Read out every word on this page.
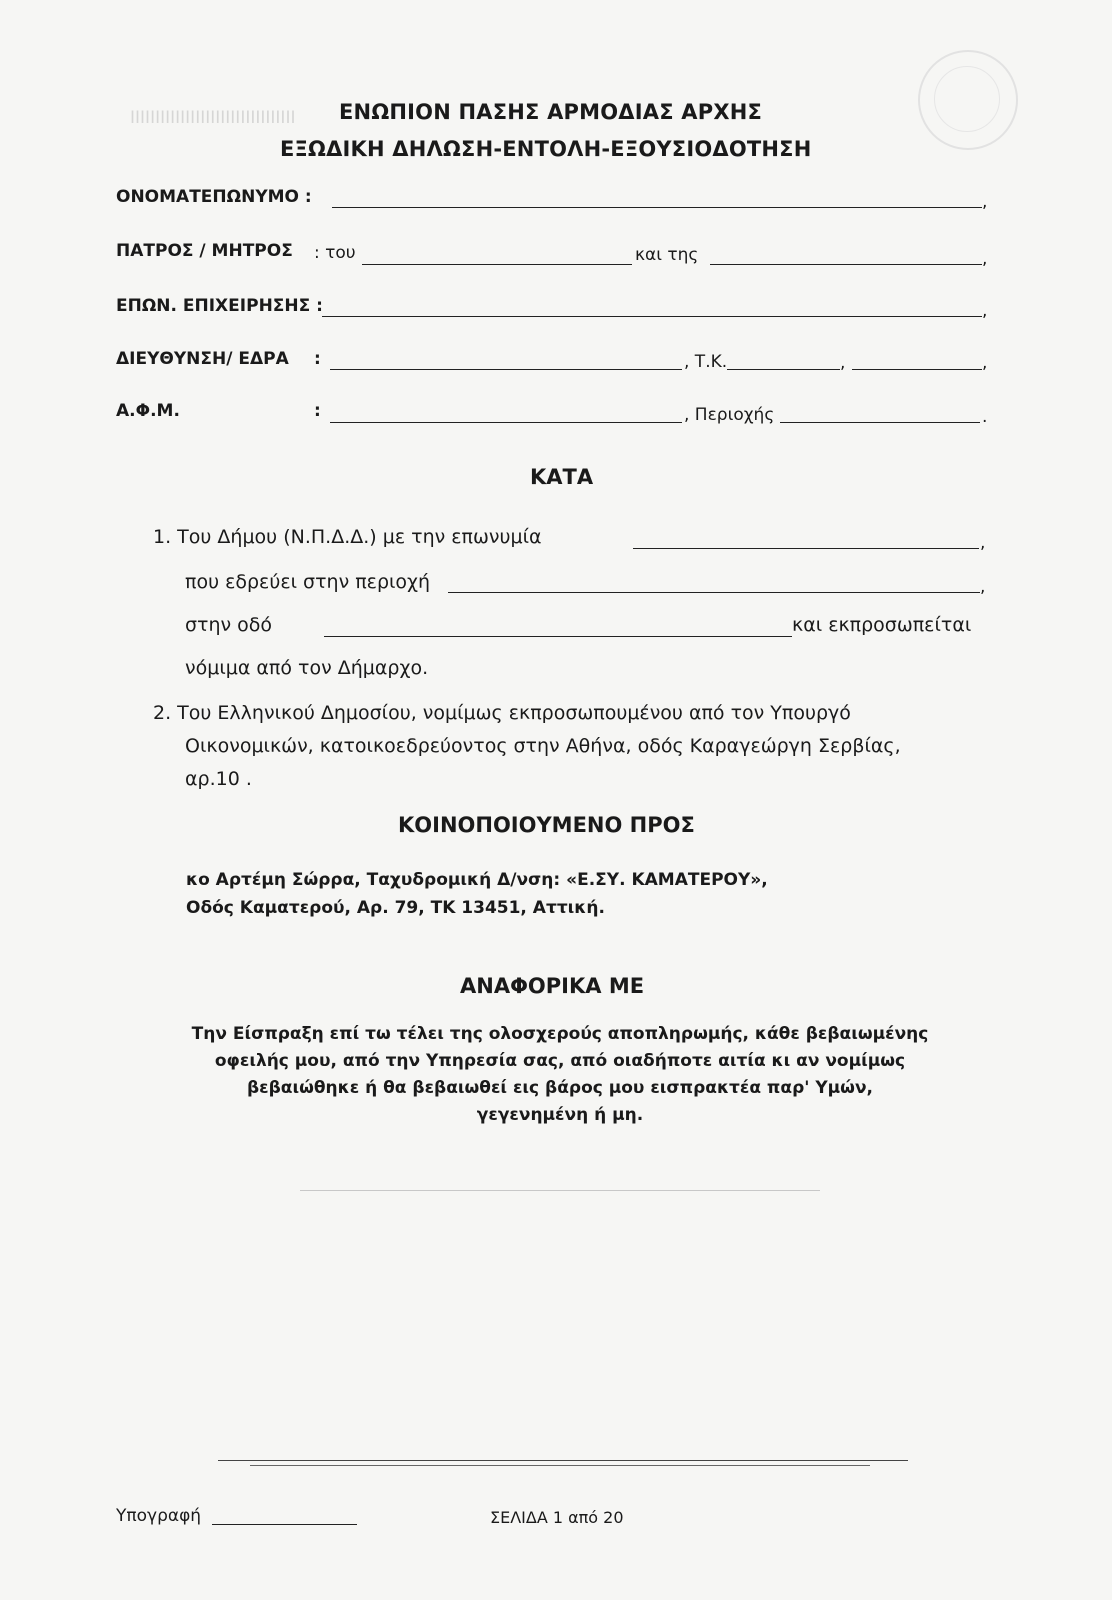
ΙΙΙΙΙΙΙΙΙΙΙΙΙΙΙΙΙΙΙΙΙΙΙΙΙΙΙΙΙΙΙΙΙ ΕΝΩΠΙΟΝ ΠΑΣΗΣ ΑΡΜΟΔΙΑΣ ΑΡΧΗΣ
ΕΞΩΔΙΚΗ ΔΗΛΩΣΗ-ΕΝΤΟΛΗ-ΕΞΟΥΣΙΟΔΟΤΗΣΗ
ΟΝΟΜΑΤΕΠΩΝΥΜΟ :	,
ΠΑΤΡΟΣ / ΜΗΤΡΟΣ : του	και της	,
ΕΠΩΝ. ΕΠΙΧΕΙΡΗΣΗΣ :	,
ΔΙΕΥΘΥΝΣΗ/ ΕΔΡΑ :	, Τ.Κ.	,	,
Α.Φ.Μ.	:	, Περιοχής	.
ΚΑΤΑ
1. Του Δήμου (Ν.Π.Δ.Δ.) με την επωνυμία	,
που εδρεύει στην περιοχή	,
στην οδό	και εκπροσωπείται
νόμιμα από τον Δήμαρχο.
2. Του Ελληνικού Δημοσίου, νομίμως εκπροσωπουμένου από τον Υπουργό
Οικονομικών, κατοικοεδρεύοντος στην Αθήνα, οδός Καραγεώργη Σερβίας,
αρ.10 .
ΚΟΙΝΟΠΟΙΟΥΜΕΝΟ ΠΡΟΣ
κο Αρτέμη Σώρρα, Ταχυδρομική Δ/νση: «Ε.ΣΥ. ΚΑΜΑΤΕΡΟΥ»,
Οδός Καματερού, Αρ. 79, ΤΚ 13451, Αττική.
ΑΝΑΦΟΡΙΚΑ ΜΕ
Την Είσπραξη επί τω τέλει της ολοσχερούς αποπληρωμής, κάθε βεβαιωμένης
οφειλής μου, από την Υπηρεσία σας, από οιαδήποτε αιτία κι αν νομίμως
βεβαιώθηκε ή θα βεβαιωθεί εις βάρος μου εισπρακτέα παρ' Υμών,
γεγενημένη ή μη.
Υπογραφή	ΣΕΛΙΔΑ 1 από 20
